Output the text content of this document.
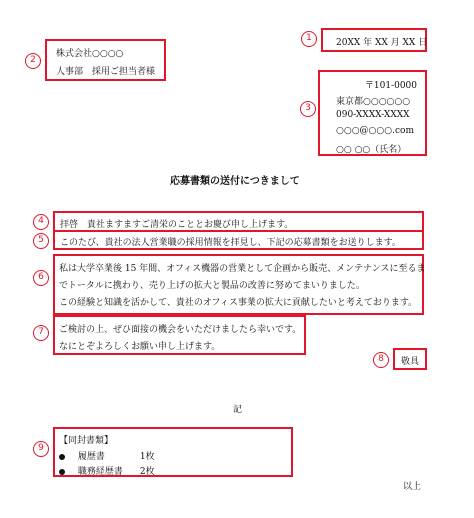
1	20XX 年 XX 月 XX 日
2
株式会社○○○○
人事部　採用ご担当者様
3
〒101-0000
東京都○○○○○○
090-XXXX-XXXX
○○○@○○○.com
○○ ○○（氏名）
応募書類の送付につきまして
4	拝啓　貴社ますますご清栄のこととお慶び申し上げます。
5	このたび、貴社の法人営業職の採用情報を拝見し、下記の応募書類をお送りします。
6
私は大学卒業後 15 年間、オフィス機器の営業として企画から販売、メンテナンスに至るま
でトータルに携わり、売り上げの拡大と製品の改善に努めてまいりました。
この経験と知識を活かして、貴社のオフィス事業の拡大に貢献したいと考えております。
7	ご検討の上、ぜひ面接の機会をいただけましたら幸いです。
なにとぞよろしくお願い申し上げます。
8	敬具
記
9
【同封書類】
履歴書	1枚
職務経歴書 2枚
以上
